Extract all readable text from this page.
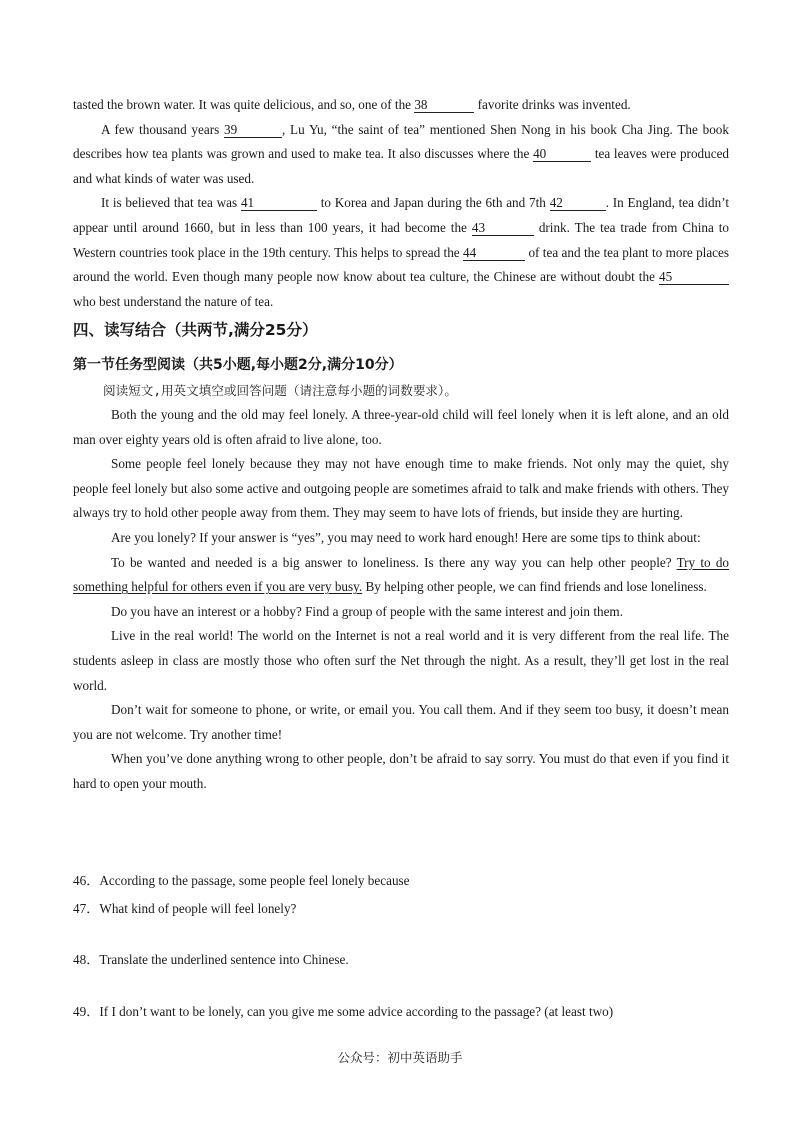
tasted the brown water. It was quite delicious, and so, one of the 38	favorite drinks was invented.

A few thousand years 39	, Lu Yu, “the saint of tea” mentioned Shen Nong in his book Cha Jing. The book describes how tea plants was grown and used to make tea. It also discusses where the 40	tea leaves were produced and what kinds of water was used.

It is believed that tea was 41	to Korea and Japan during the 6th and 7th 42	. In England, tea didn’t appear until around 1660, but in less than 100 years, it had become the 43	drink. The tea trade from China to Western countries took place in the 19th century. This helps to spread the 44	of tea and the tea plant to more places around the world. Even though many people now know about tea culture, the Chinese are without doubt the 45 who best understand the nature of tea.

四、读写结合（共两节,满分25分）

第一节任务型阅读（共5小题,每小题2分,满分10分）

阅读短文,用英文填空或回答问题（请注意每小题的词数要求）。

Both the young and the old may feel lonely. A three-year-old child will feel lonely when it is left alone, and an old man over eighty years old is often afraid to live alone, too.

Some people feel lonely because they may not have enough time to make friends. Not only may the quiet, shy people feel lonely but also some active and outgoing people are sometimes afraid to talk and make friends with others. They always try to hold other people away from them. They may seem to have lots of friends, but inside they are hurting.

Are you lonely? If your answer is “yes”, you may need to work hard enough! Here are some tips to think about:

To be wanted and needed is a big answer to loneliness. Is there any way you can help other people? Try to do something helpful for others even if you are very busy. By helping other people, we can find friends and lose loneliness.

Do you have an interest or a hobby? Find a group of people with the same interest and join them.

Live in the real world! The world on the Internet is not a real world and it is very different from the real life. The students asleep in class are mostly those who often surf the Net through the night. As a result, they’ll get lost in the real world.

Don’t wait for someone to phone, or write, or email you. You call them. And if they seem too busy, it doesn’t mean you are not welcome. Try another time!

When you’ve done anything wrong to other people, don’t be afraid to say sorry. You must do that even if you find it hard to open your mouth.

46．According to the passage, some people feel lonely because

47．What kind of people will feel lonely?

48．Translate the underlined sentence into Chinese.

49．If I don’t want to be lonely, can you give me some advice according to the passage? (at least two)

公众号：初中英语助手
